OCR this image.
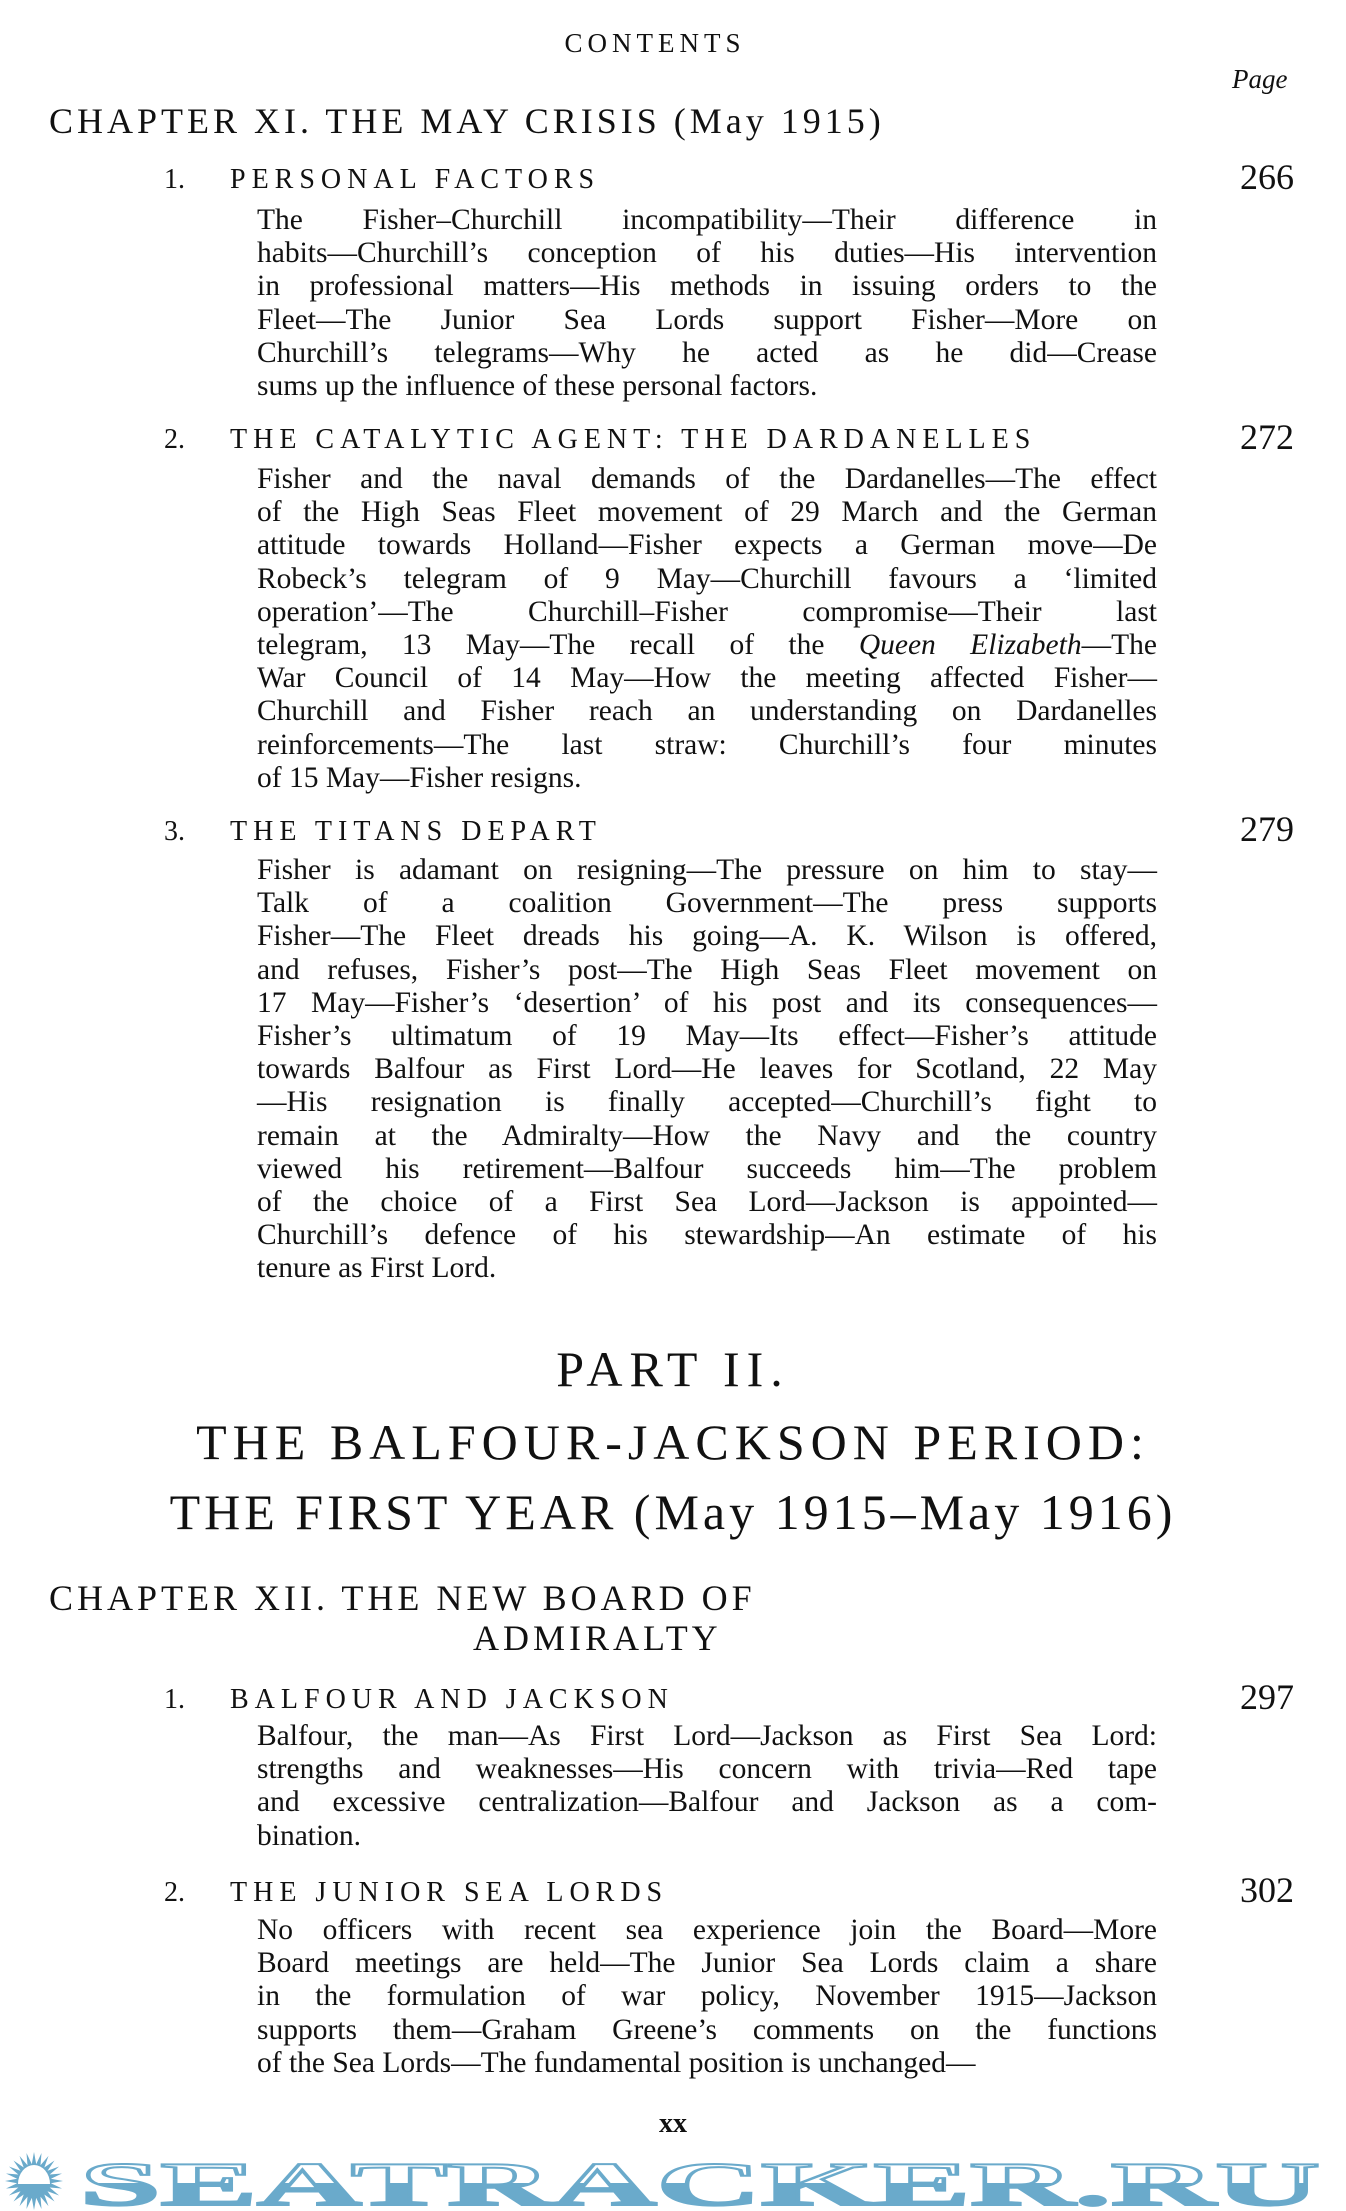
CONTENTS
Page
CHAPTER XI. THE MAY CRISIS (May 1915)
1. PERSONAL FACTORS	266
The Fisher–Churchill incompatibility—Their difference in
habits—Churchill’s conception of his duties—His intervention
in professional matters—His methods in issuing orders to the
Fleet—The Junior Sea Lords support Fisher—More on
Churchill’s telegrams—Why he acted as he did—Crease
sums up the influence of these personal factors.
2. THE CATALYTIC AGENT: THE DARDANELLES	272
Fisher and the naval demands of the Dardanelles—The effect
of the High Seas Fleet movement of 29 March and the German
attitude towards Holland—Fisher expects a German move—De
Robeck’s telegram of 9 May—Churchill favours a ‘limited
operation’—The Churchill–Fisher compromise—Their last
telegram, 13 May—The recall of the Queen Elizabeth—The
War Council of 14 May—How the meeting affected Fisher—
Churchill and Fisher reach an understanding on Dardanelles
reinforcements—The last straw: Churchill’s four minutes
of 15 May—Fisher resigns.
3. THE TITANS DEPART	279
Fisher is adamant on resigning—The pressure on him to stay—
Talk of a coalition Government—The press supports
Fisher—The Fleet dreads his going—A. K. Wilson is offered,
and refuses, Fisher’s post—The High Seas Fleet movement on
17 May—Fisher’s ‘desertion’ of his post and its consequences—
Fisher’s ultimatum of 19 May—Its effect—Fisher’s attitude
towards Balfour as First Lord—He leaves for Scotland, 22 May
—His resignation is finally accepted—Churchill’s fight to
remain at the Admiralty—How the Navy and the country
viewed his retirement—Balfour succeeds him—The problem
of the choice of a First Sea Lord—Jackson is appointed—
Churchill’s defence of his stewardship—An estimate of his
tenure as First Lord.
PART II.
THE BALFOUR-JACKSON PERIOD:
THE FIRST YEAR (May 1915–May 1916)
CHAPTER XII. THE NEW BOARD OF
ADMIRALTY
1. BALFOUR AND JACKSON	297
Balfour, the man—As First Lord—Jackson as First Sea Lord:
strengths and weaknesses—His concern with trivia—Red tape
and excessive centralization—Balfour and Jackson as a com-
bination.
2. THE JUNIOR SEA LORDS	302
No officers with recent sea experience join the Board—More
Board meetings are held—The Junior Sea Lords claim a share
in the formulation of war policy, November 1915—Jackson
supports them—Graham Greene’s comments on the functions
of the Sea Lords—The fundamental position is unchanged—
xx
SEATRACKER.RU
